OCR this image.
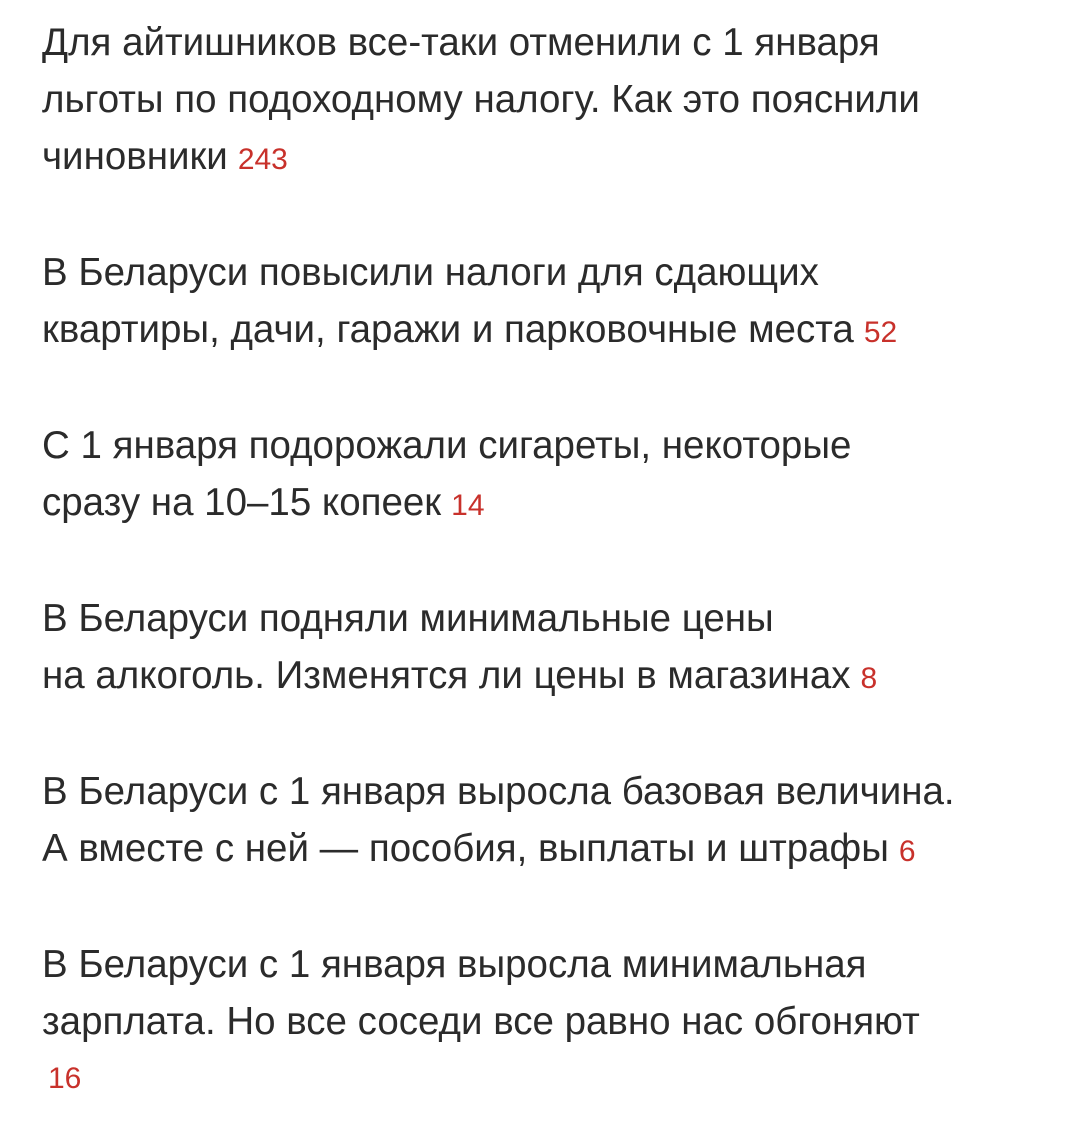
Для айтишников все-таки отменили с 1 января
льготы по подоходному налогу. Как это пояснили
чиновники 243
В Беларуси повысили налоги для сдающих
квартиры, дачи, гаражи и парковочные места 52
С 1 января подорожали сигареты, некоторые
сразу на 10–15 копеек 14
В Беларуси подняли минимальные цены
на алкоголь. Изменятся ли цены в магазинах 8
В Беларуси с 1 января выросла базовая величина.
А вместе с ней — пособия, выплаты и штрафы 6
В Беларуси с 1 января выросла минимальная
зарплата. Но все соседи все равно нас обгоняют
16
